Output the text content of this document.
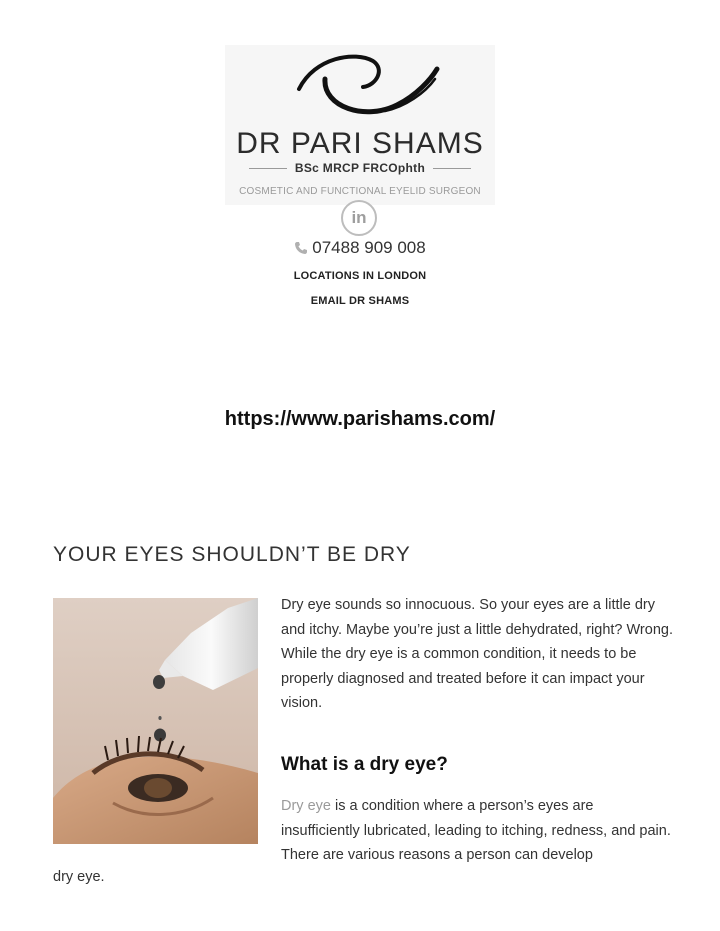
DR PARI SHAMS
BSc MRCP FRCOphth
COSMETIC AND FUNCTIONAL EYELID SURGEON
in
07488 909 008
LOCATIONS IN LONDON
EMAIL DR SHAMS
https://www.parishams.com/
YOUR EYES SHOULDN’T BE DRY

Dry eye sounds so innocuous. So your eyes are a little dry and itchy. Maybe you’re just a little dehydrated, right? Wrong. While the dry eye is a common condition, it needs to be properly diagnosed and treated before it can impact your vision.

What is a dry eye?

Dry eye is a condition where a person’s eyes are insufficiently lubricated, leading to itching, redness, and pain. There are various reasons a person can develop

dry eye.
